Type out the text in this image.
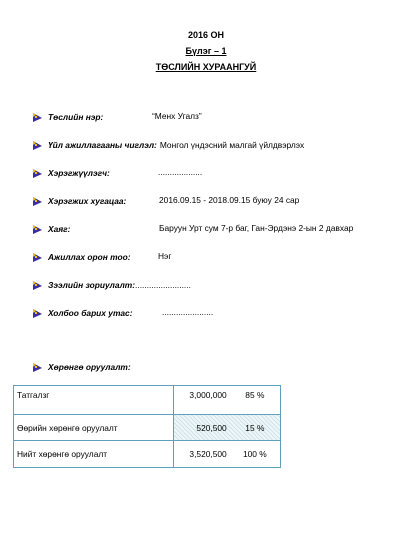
2016 ОН
Бүлэг – 1
ТӨСЛИЙН ХУРААНГУЙ
Төслийн нэр:	“Менх Угалз”
Үйл ажиллагааны чиглэл: Монгол үндэсний малгай үйлдвэрлэх
Хэрэгжүүлэгч:	...................
Хэрэгжих хугацаа:	2016.09.15 - 2018.09.15 буюу 24 сар
Хаяг:	Баруун Урт сум 7-р баг, Ган-Эрдэнэ 2-ын 2 давхар
Ажиллах орон тоо:	Нэг
Зээлийн зориулалт: ........................
Холбоо барих утас:	......................
Хөрөнгө оруулалт:
Татгалзг	3,000,000	85 %
Өөрийн хөрөнгө оруулалт	520,500	15 %
Нийт хөрөнгө оруулалт	3,520,500	100 %
